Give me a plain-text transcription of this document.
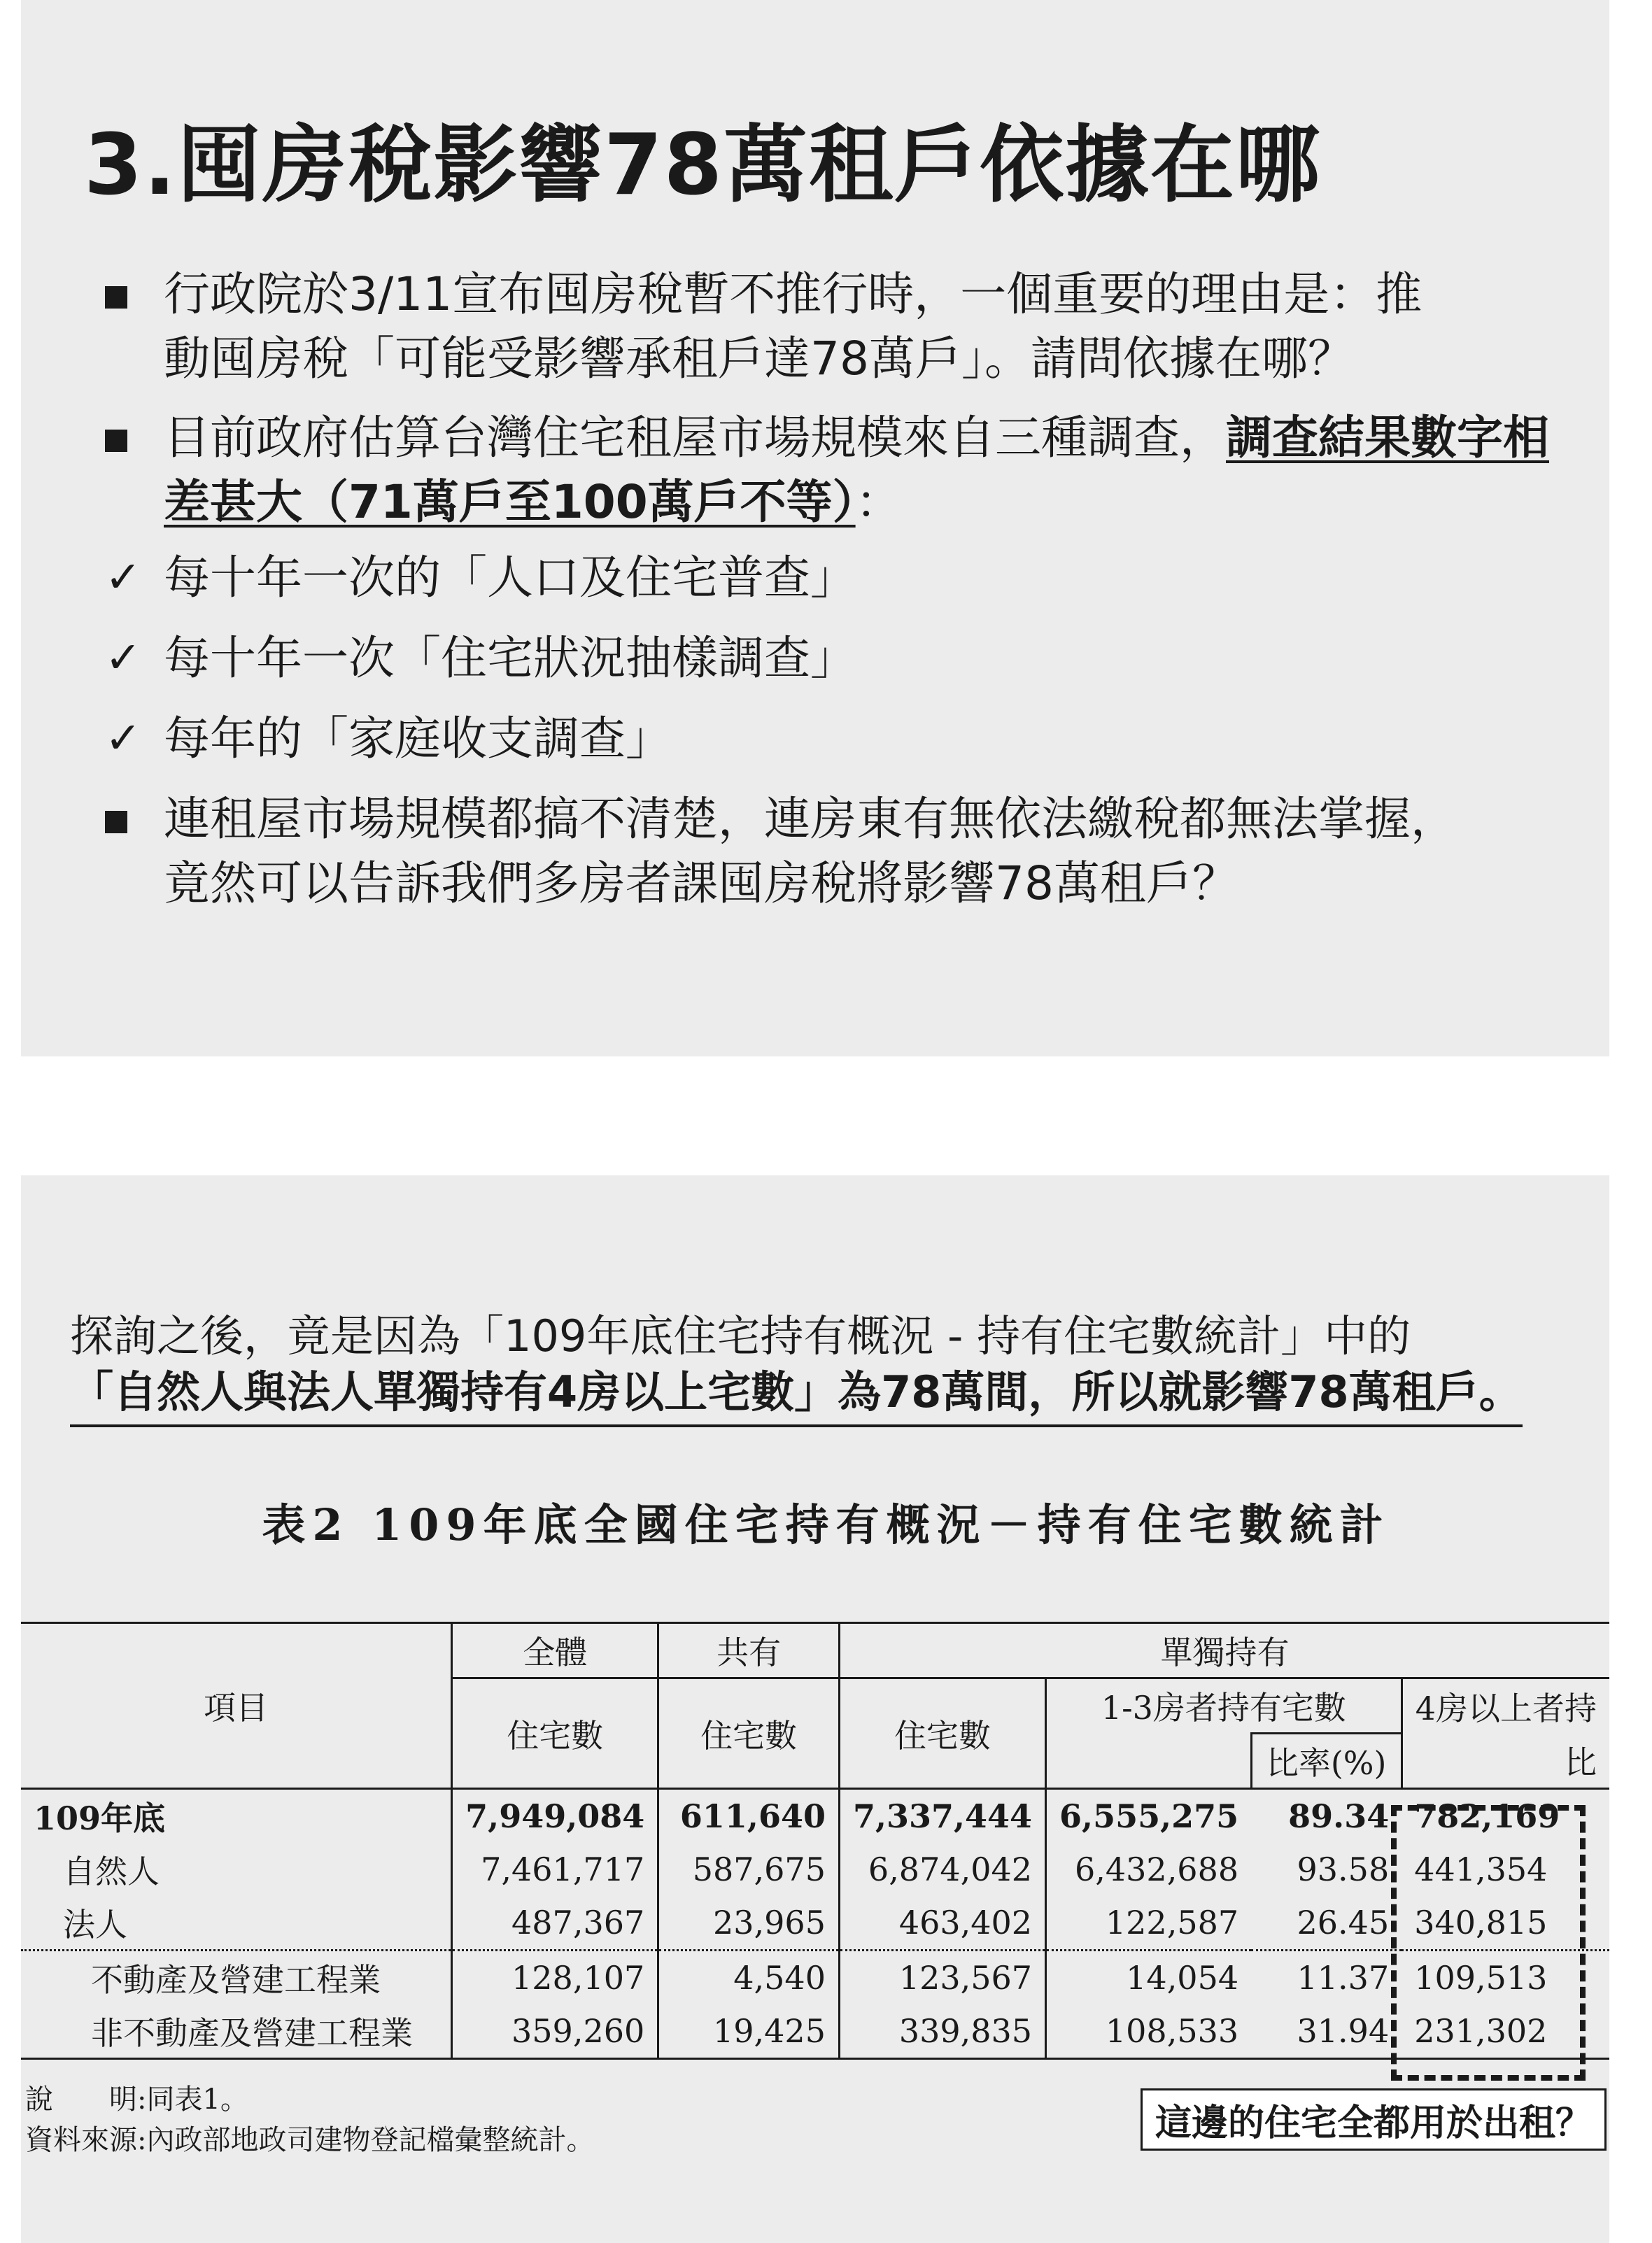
3.囤房稅影響78萬租戶依據在哪
行政院於3/11宣布囤房稅暫不推行時，一個重要的理由是：推
動囤房稅「可能受影響承租戶達78萬戶」。請問依據在哪？
目前政府估算台灣住宅租屋市場規模來自三種調查，調查結果數字相差甚大（71萬戶至100萬戶不等）：
✓ 每十年一次的「人口及住宅普查」
✓ 每十年一次「住宅狀況抽樣調查」
✓ 每年的「家庭收支調查」
連租屋市場規模都搞不清楚，連房東有無依法繳稅都無法掌握，
竟然可以告訴我們多房者課囤房稅將影響78萬租戶？
探詢之後，竟是因為「109年底住宅持有概況 - 持有住宅數統計」中的
「自然人與法人單獨持有4房以上宅數」為78萬間，所以就影響78萬租戶。
表2 109年底全國住宅持有概況－持有住宅數統計
項目	全體	共有	單獨持有			
	住宅數	住宅數	住宅數	1-3房者持有宅數		4房以上者持
					比率(%)	比
109年底	7,949,084	611,640	7,337,444	6,555,275	89.34	782,169
自然人	7,461,717	587,675	6,874,042	6,432,688	93.58	441,354
法人	487,367	23,965	463,402	122,587	26.45	340,815
不動產及營建工程業	128,107	4,540	123,567	14,054	11.37	109,513
非不動產及營建工程業	359,260	19,425	339,835	108,533	31.94	231,302
說　　明:同表1。
資料來源:內政部地政司建物登記檔彙整統計。	這邊的住宅全都用於出租？
